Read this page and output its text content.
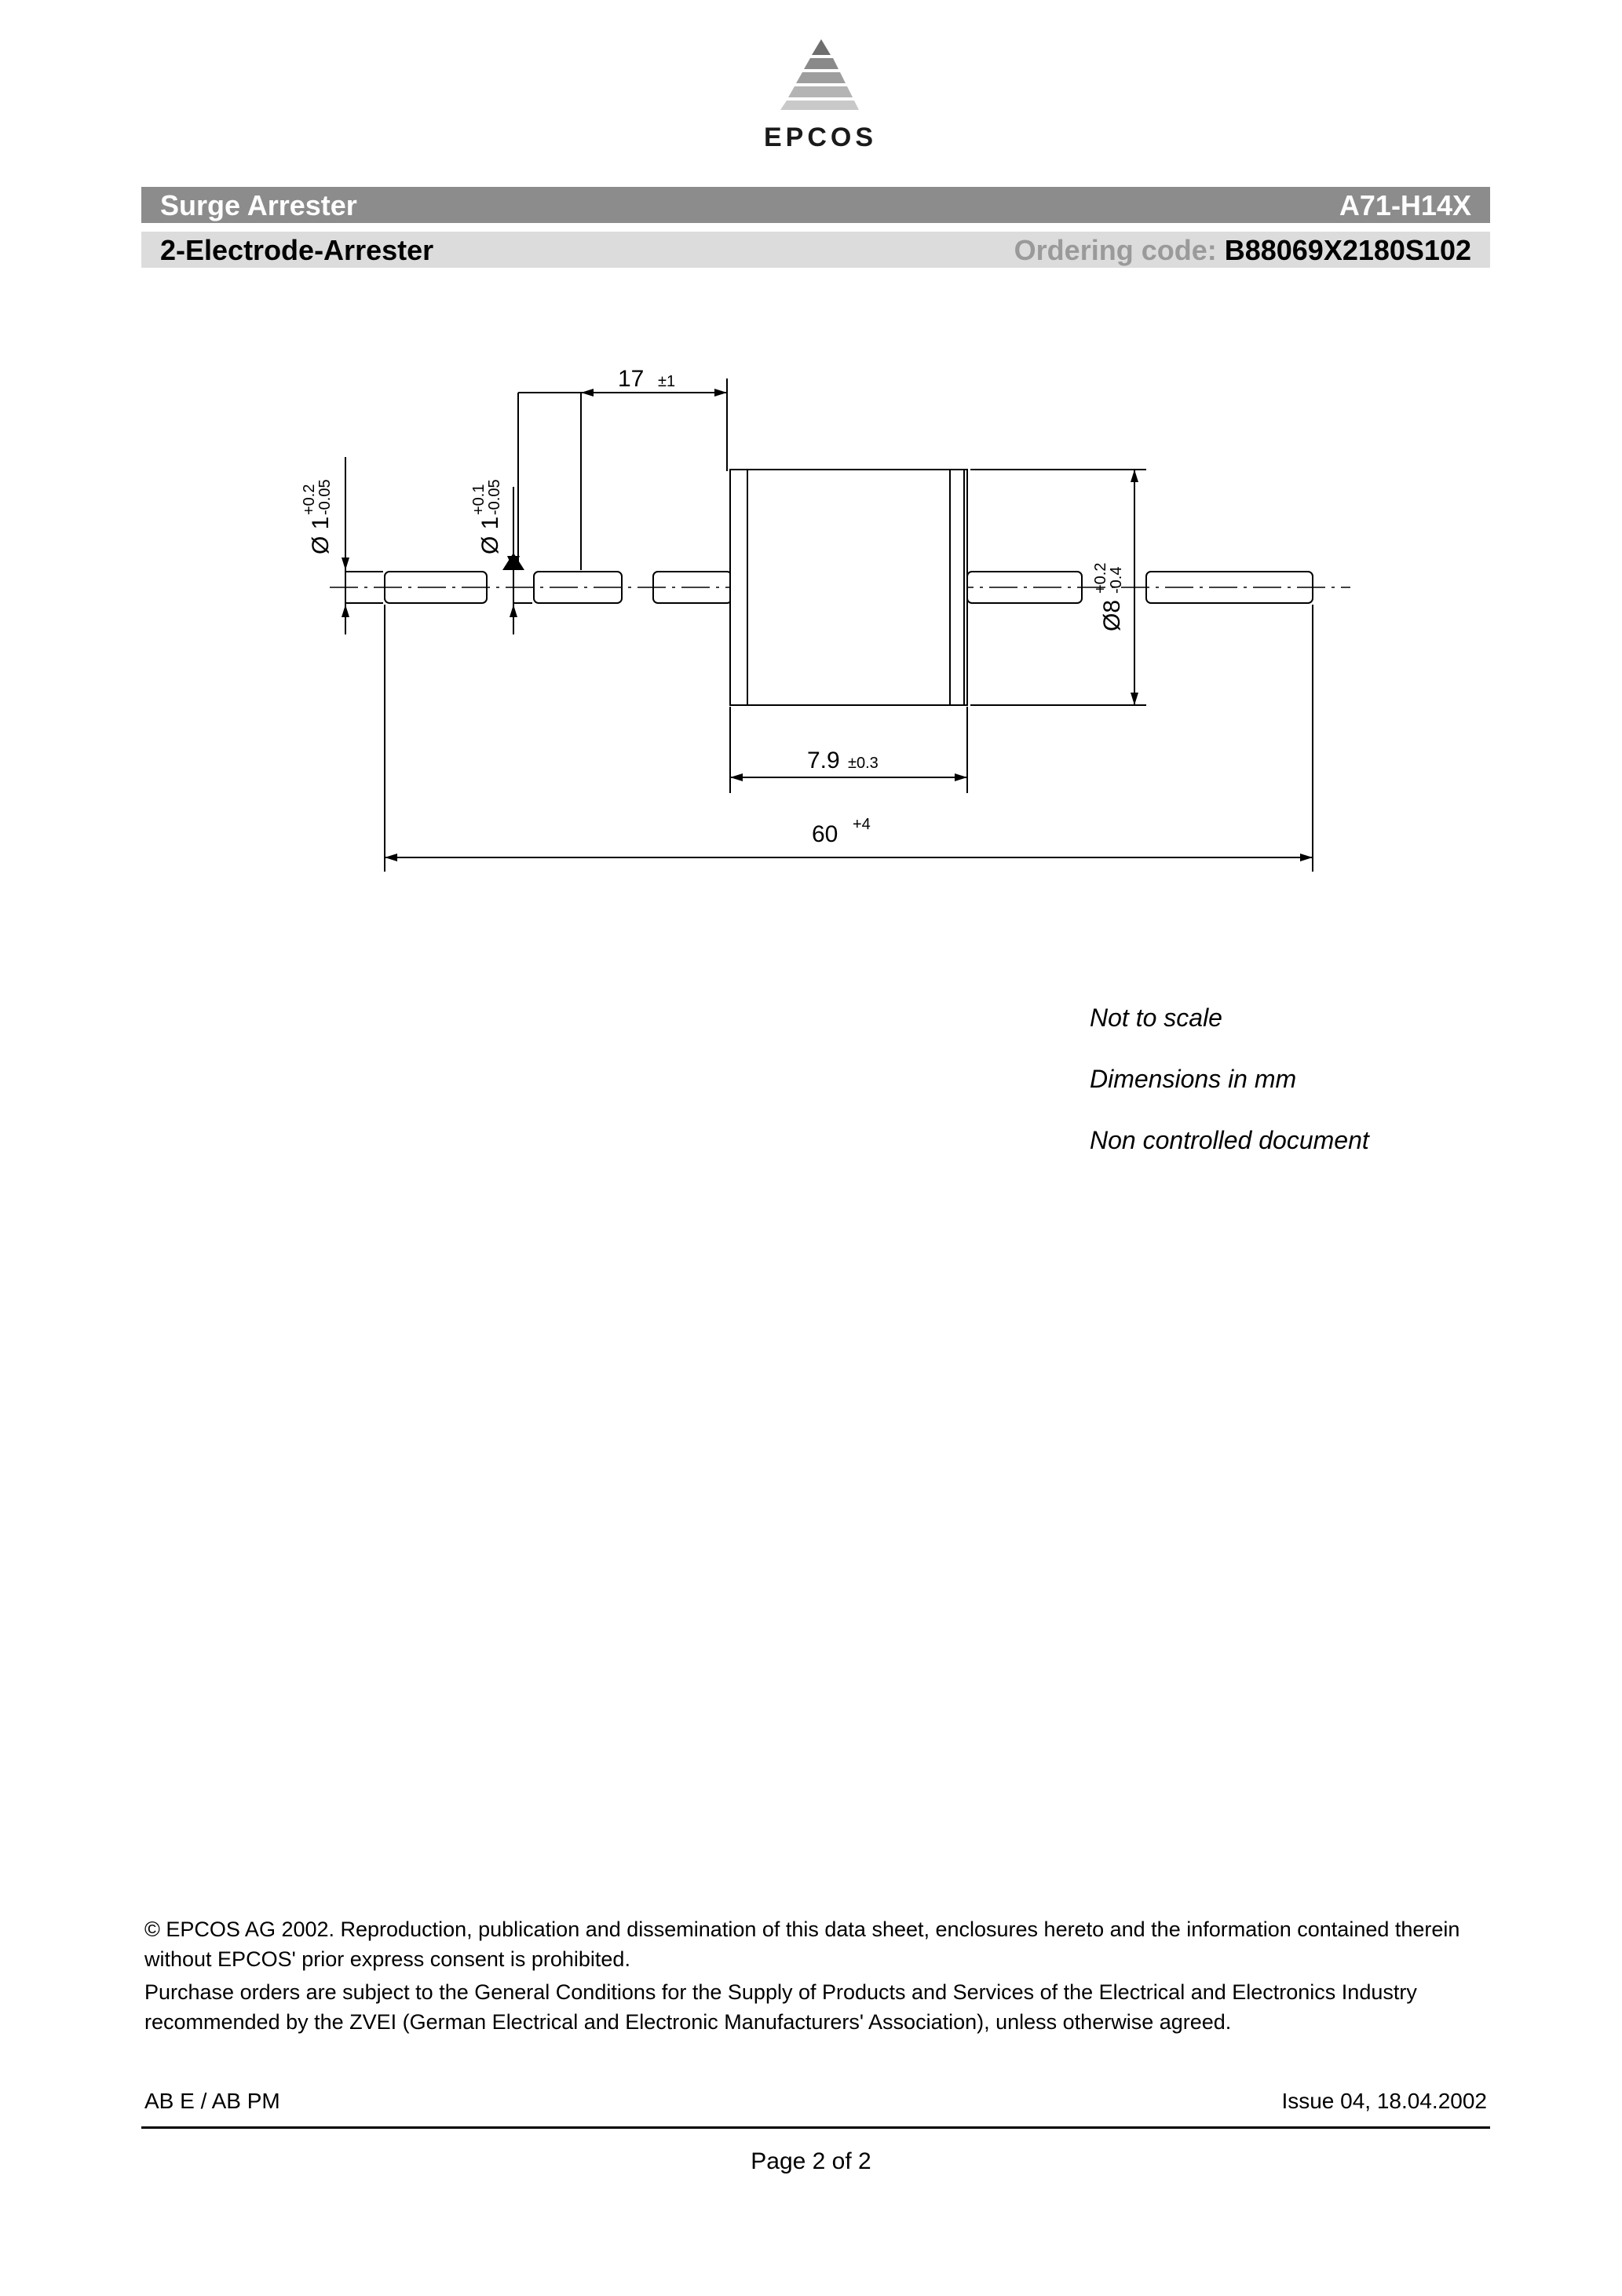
EPCOS
Surge Arrester	A71-H14X
2-Electrode-Arrester	Ordering code: B88069X2180S102
17 ±1
Ø 1
+0.2
-0.05
Ø 1
+0.1
-0.05
Ø8
+0.2
-0.4
7.9 ±0.3
60 +4
Not to scale
Dimensions in mm
Non controlled document

© EPCOS AG 2002. Reproduction, publication and dissemination of this data sheet, enclosures hereto and the information contained therein without EPCOS' prior express consent is prohibited.

Purchase orders are subject to the General Conditions for the Supply of Products and Services of the Electrical and Electronics Industry recommended by the ZVEI (German Electrical and Electronic Manufacturers' Association), unless otherwise agreed.

AB E / AB PM	Issue 04, 18.04.2002
Page 2 of 2
